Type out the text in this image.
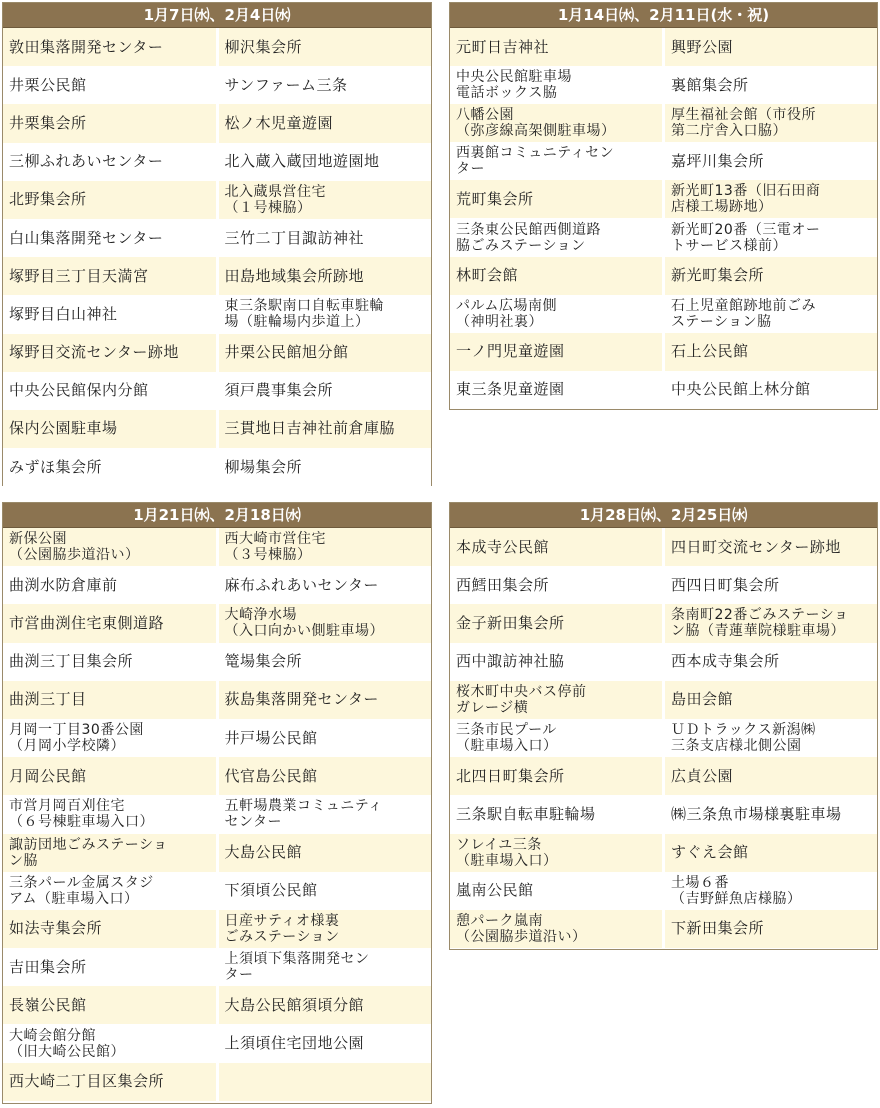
1月7日㈬、2月4日㈬
敦田集落開発センター	柳沢集会所
井栗公民館	サンファーム三条
井栗集会所	松ノ木児童遊園
三柳ふれあいセンター	北入蔵入蔵団地遊園地
北野集会所	北入蔵県営住宅
（１号棟脇）
白山集落開発センター	三竹二丁目諏訪神社
塚野目三丁目天満宮	田島地域集会所跡地
塚野目白山神社	東三条駅南口自転車駐輪
場（駐輪場内歩道上）
塚野目交流センター跡地	井栗公民館旭分館
中央公民館保内分館	須戸農事集会所
保内公園駐車場	三貫地日吉神社前倉庫脇
みずほ集会所	柳場集会所
1月14日㈬、2月11日(水・祝)
元町日吉神社	興野公園
中央公民館駐車場
電話ボックス脇	裏館集会所
八幡公園
（弥彦線高架側駐車場）	厚生福祉会館（市役所
第二庁舎入口脇）
西裏館コミュニティセン
ター	嘉坪川集会所
荒町集会所	新光町13番（旧石田商
店様工場跡地）
三条東公民館西側道路
脇ごみステーション	新光町20番（三電オー
トサービス様前）
林町会館	新光町集会所
パルム広場南側
（神明社裏）	石上児童館跡地前ごみ
ステーション脇
一ノ門児童遊園	石上公民館
東三条児童遊園	中央公民館上林分館
1月21日㈬、2月18日㈬
新保公園
（公園脇歩道沿い）	西大崎市営住宅
（３号棟脇）
曲渕水防倉庫前	麻布ふれあいセンター
市営曲渕住宅東側道路	大崎浄水場
（入口向かい側駐車場）
曲渕三丁目集会所	篭場集会所
曲渕三丁目	荻島集落開発センター
月岡一丁目30番公園
（月岡小学校隣）	井戸場公民館
月岡公民館	代官島公民館
市営月岡百刈住宅
（６号棟駐車場入口）	五軒場農業コミュニティ
センター
諏訪団地ごみステーショ
ン脇	大島公民館
三条パール金属スタジ
アム（駐車場入口）	下須頃公民館
如法寺集会所	日産サティオ様裏
ごみステーション
吉田集会所	上須頃下集落開発セン
ター
長嶺公民館	大島公民館須頃分館
大崎会館分館
（旧大崎公民館）	上須頃住宅団地公園
西大崎二丁目区集会所	
1月28日㈬、2月25日㈬
本成寺公民館	四日町交流センター跡地
西鱈田集会所	西四日町集会所
金子新田集会所	条南町22番ごみステーショ
ン脇（青蓮華院様駐車場）
西中諏訪神社脇	西本成寺集会所
桜木町中央バス停前
ガレージ横	島田会館
三条市民プール
（駐車場入口）	ＵＤトラックス新潟㈱
三条支店様北側公園
北四日町集会所	広貞公園
三条駅自転車駐輪場	㈱三条魚市場様裏駐車場
ソレイユ三条
（駐車場入口）	すぐえ会館
嵐南公民館	土場６番
（吉野鮮魚店様脇）
憩パーク嵐南
（公園脇歩道沿い）	下新田集会所
